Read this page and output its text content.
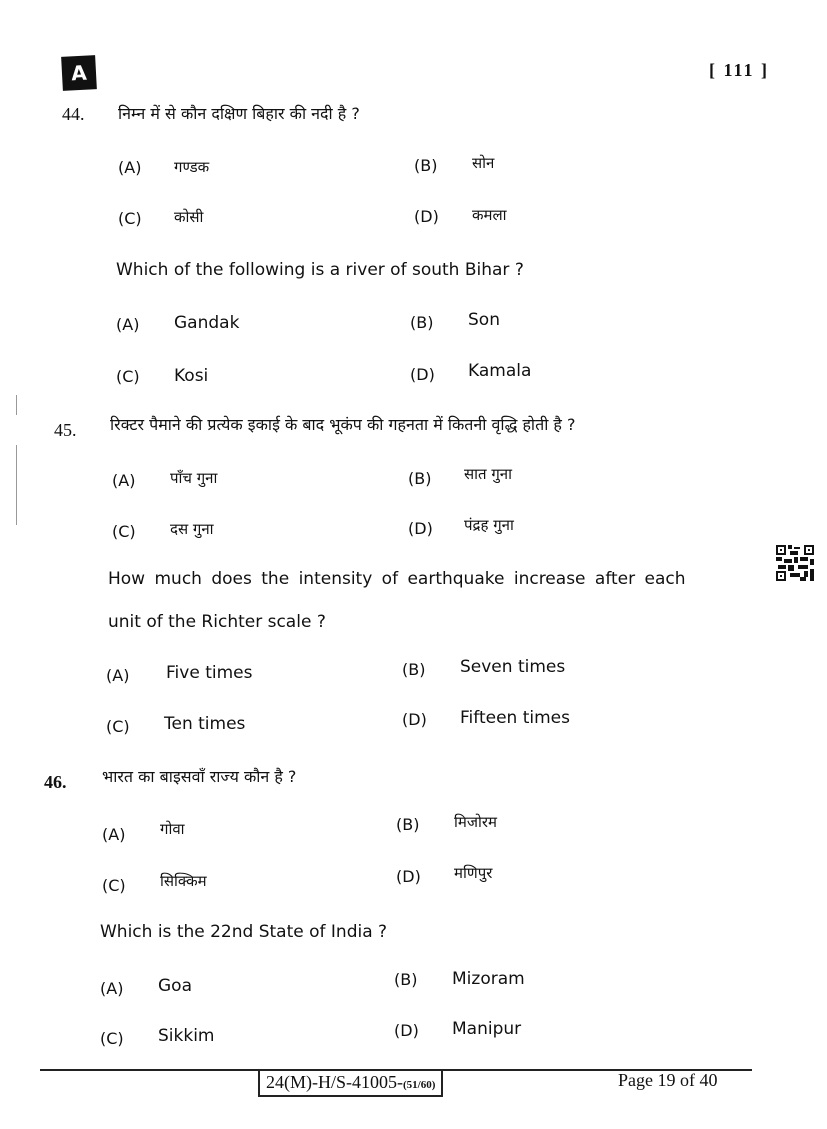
A	[ 111 ]
44. निम्न में से कौन दक्षिण बिहार की नदी है ?
(A) गण्डक	(B) सोन
(C) कोसी	(D) कमला
Which of the following is a river of south Bihar ?
(A) Gandak	(B) Son
(C) Kosi	(D) Kamala
45. रिक्टर पैमाने की प्रत्येक इकाई के बाद भूकंप की गहनता में कितनी वृद्धि होती है ?
(A) पाँच गुना	(B) सात गुना
(C) दस गुना	(D) पंद्रह गुना
How much does the intensity of earthquake increase after each
unit of the Richter scale ?
(A) Five times	(B) Seven times
(C) Ten times	(D) Fifteen times
46. भारत का बाइसवाँ राज्य कौन है ?
(A) गोवा	(B) मिजोरम
(C) सिक्किम	(D) मणिपुर
Which is the 22nd State of India ?
(A) Goa	(B) Mizoram
(C) Sikkim	(D) Manipur
24(M)-H/S-41005-(51/60)	Page 19 of 40
